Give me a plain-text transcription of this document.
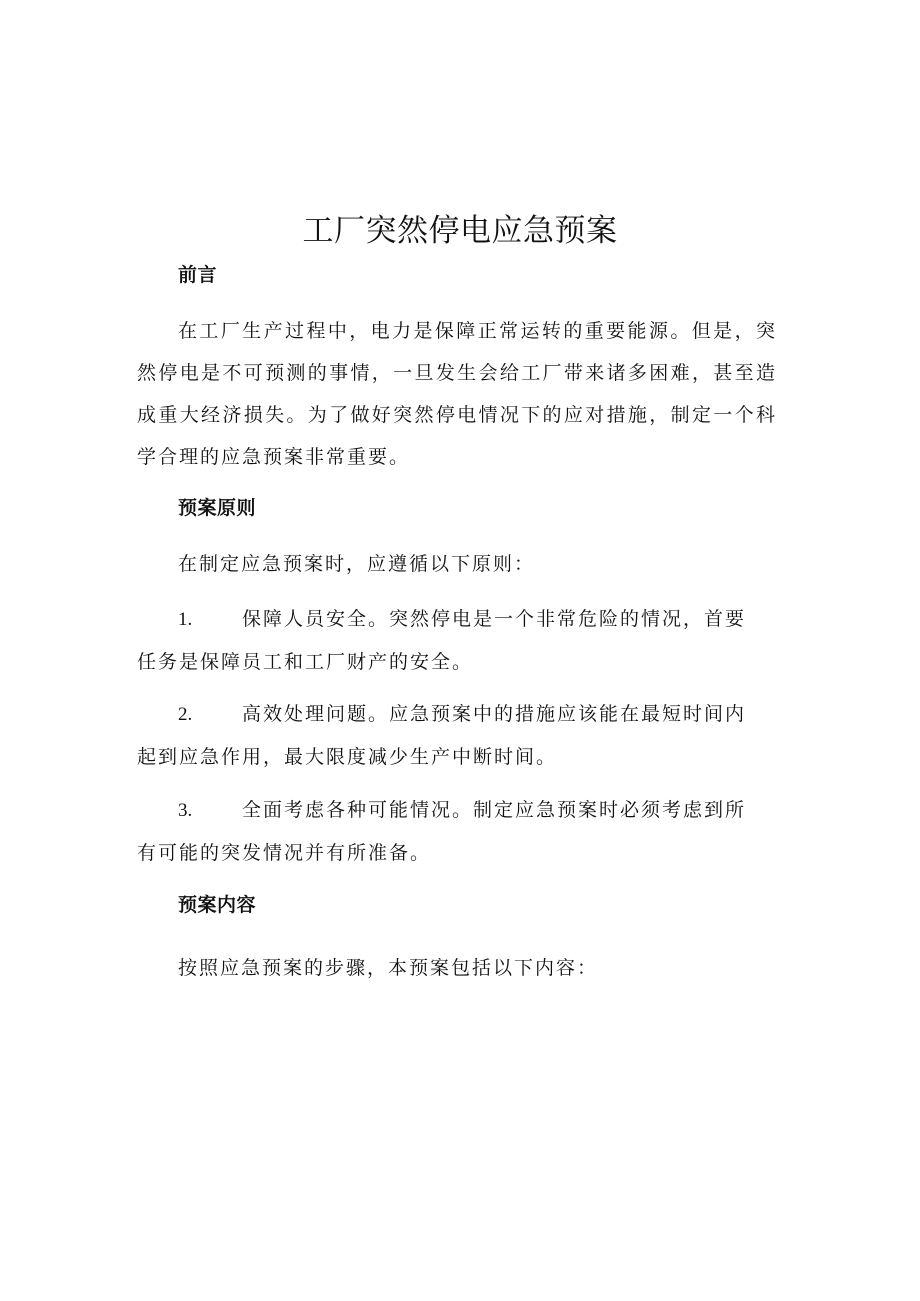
工厂突然停电应急预案
前言
在工厂生产过程中，电力是保障正常运转的重要能源。但是，突然停电是不可预测的事情，一旦发生会给工厂带来诸多困难，甚至造成重大经济损失。为了做好突然停电情况下的应对措施，制定一个科学合理的应急预案非常重要。
预案原则
在制定应急预案时，应遵循以下原则：
1.	保障人员安全。突然停电是一个非常危险的情况，首要任务是保障员工和工厂财产的安全。
2.	高效处理问题。应急预案中的措施应该能在最短时间内起到应急作用，最大限度减少生产中断时间。
3.	全面考虑各种可能情况。制定应急预案时必须考虑到所有可能的突发情况并有所准备。
预案内容
按照应急预案的步骤，本预案包括以下内容：
